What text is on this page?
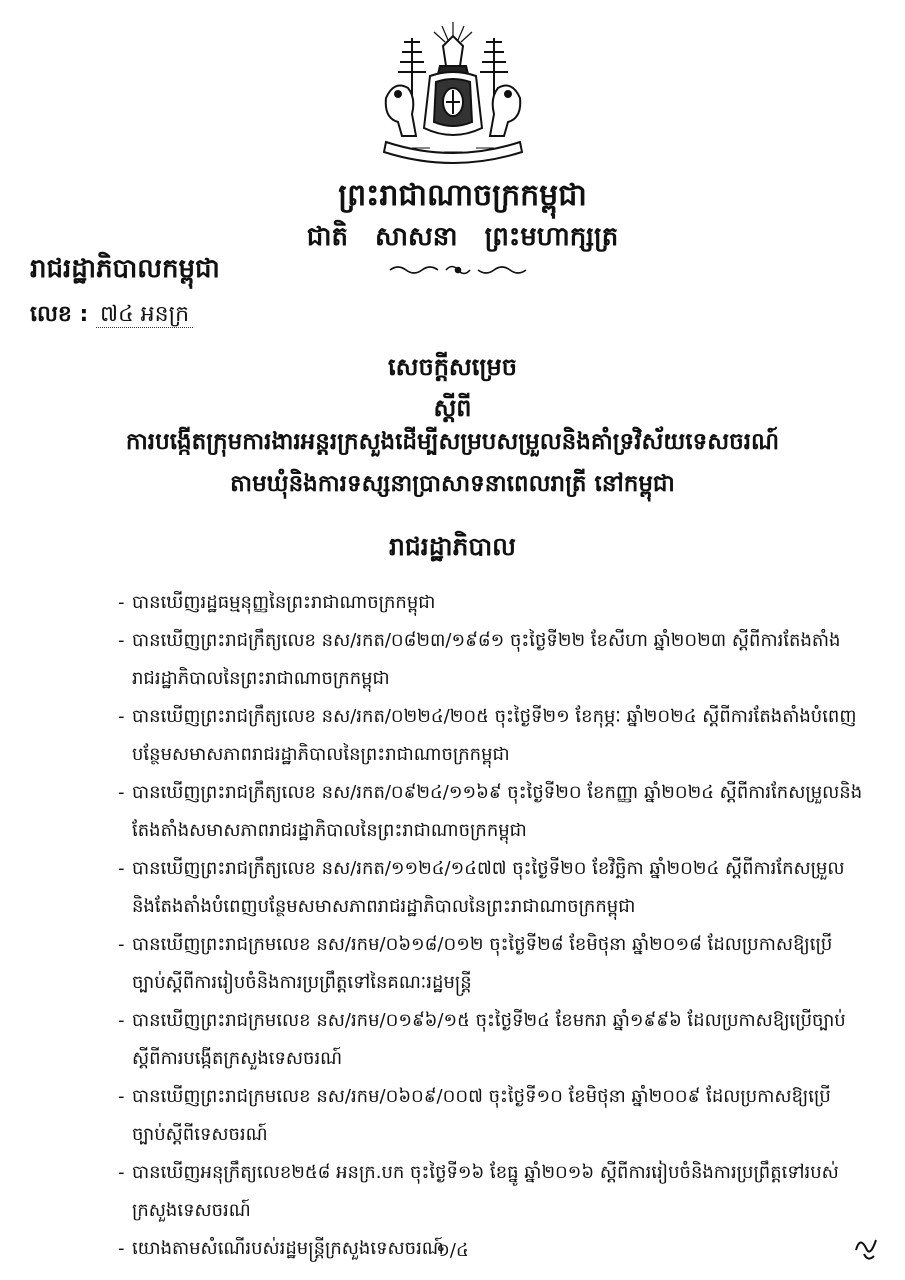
ព្រះរាជាណាចក្រកម្ពុជា
ជាតិ សាសនា ព្រះមហាក្សត្រ
រាជរដ្ឋាភិបាលកម្ពុជា
លេខ : ៧៤ អនក្រ
សេចក្ដីសម្រេច
ស្ដីពី
ការបង្កើតក្រុមការងារអន្តរក្រសួងដើម្បីសម្របសម្រួលនិងគាំទ្រវិស័យទេសចរណ៍
តាមឃុំនិងការទស្សនាប្រាសាទនាពេលរាត្រី នៅកម្ពុជា
រាជរដ្ឋាភិបាល
- បានឃើញរដ្ឋធម្មនុញ្ញនៃព្រះរាជាណាចក្រកម្ពុជា
- បានឃើញព្រះរាជក្រឹត្យលេខ នស/រកត/០៨២៣/១៩៨១ ចុះថ្ងៃទី២២ ខែសីហា ឆ្នាំ២០២៣ ស្ដីពីការតែងតាំងរាជរដ្ឋាភិបាលនៃព្រះរាជាណាចក្រកម្ពុជា
- បានឃើញព្រះរាជក្រឹត្យលេខ នស/រកត/០២២៤/២០៥ ចុះថ្ងៃទី២១ ខែកុម្ភៈ ឆ្នាំ២០២៤ ស្ដីពីការតែងតាំងបំពេញបន្ថែមសមាសភាពរាជរដ្ឋាភិបាលនៃព្រះរាជាណាចក្រកម្ពុជា
- បានឃើញព្រះរាជក្រឹត្យលេខ នស/រកត/០៩២៤/១១៦៩ ចុះថ្ងៃទី២០ ខែកញ្ញា ឆ្នាំ២០២៤ ស្ដីពីការកែសម្រួលនិងតែងតាំងសមាសភាពរាជរដ្ឋាភិបាលនៃព្រះរាជាណាចក្រកម្ពុជា
- បានឃើញព្រះរាជក្រឹត្យលេខ នស/រកត/១១២៤/១៤៧៧ ចុះថ្ងៃទី២០ ខែវិច្ឆិកា ឆ្នាំ២០២៤ ស្ដីពីការកែសម្រួលនិងតែងតាំងបំពេញបន្ថែមសមាសភាពរាជរដ្ឋាភិបាលនៃព្រះរាជាណាចក្រកម្ពុជា
- បានឃើញព្រះរាជក្រមលេខ នស/រកម/០៦១៨/០១២ ចុះថ្ងៃទី២៨ ខែមិថុនា ឆ្នាំ២០១៨ ដែលប្រកាសឱ្យប្រើច្បាប់ស្ដីពីការរៀបចំនិងការប្រព្រឹត្តទៅនៃគណៈរដ្ឋមន្ត្រី
- បានឃើញព្រះរាជក្រមលេខ នស/រកម/០១៩៦/១៥ ចុះថ្ងៃទី២៤ ខែមករា ឆ្នាំ១៩៩៦ ដែលប្រកាសឱ្យប្រើច្បាប់ស្ដីពីការបង្កើតក្រសួងទេសចរណ៍
- បានឃើញព្រះរាជក្រមលេខ នស/រកម/០៦០៩/០០៧ ចុះថ្ងៃទី១០ ខែមិថុនា ឆ្នាំ២០០៩ ដែលប្រកាសឱ្យប្រើច្បាប់ស្ដីពីទេសចរណ៍
- បានឃើញអនុក្រឹត្យលេខ២៥៨ អនក្រ.បក ចុះថ្ងៃទី១៦ ខែធ្នូ ឆ្នាំ២០១៦ ស្ដីពីការរៀបចំនិងការប្រព្រឹត្តទៅរបស់ក្រសួងទេសចរណ៍
- យោងតាមសំណើរបស់រដ្ឋមន្ត្រីក្រសួងទេសចរណ៍
១/៤
